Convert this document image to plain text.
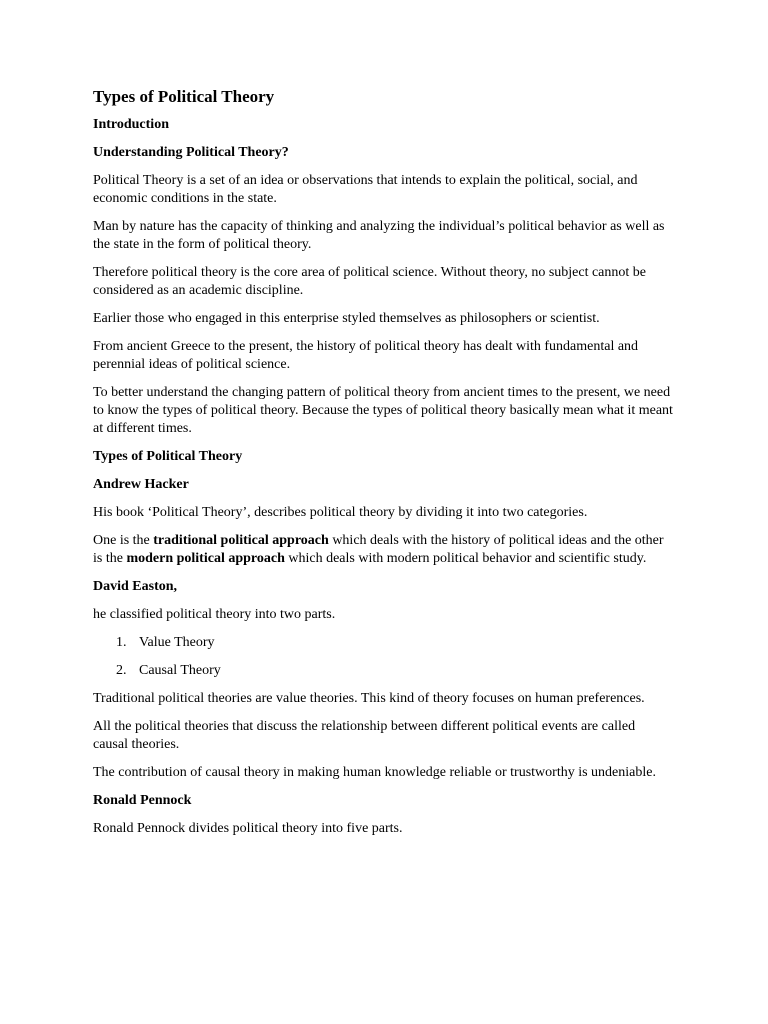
Types of Political Theory
Introduction
Understanding Political Theory?
Political Theory is a set of an idea or observations that intends to explain the political, social, and economic conditions in the state.
Man by nature has the capacity of thinking and analyzing the individual’s political behavior as well as the state in the form of political theory.
Therefore political theory is the core area of political science. Without theory, no subject cannot be considered as an academic discipline.
Earlier those who engaged in this enterprise styled themselves as philosophers or scientist.
From ancient Greece to the present, the history of political theory has dealt with fundamental and perennial ideas of political science.
To better understand the changing pattern of political theory from ancient times to the present, we need to know the types of political theory. Because the types of political theory basically mean what it meant at different times.
Types of Political Theory
Andrew Hacker
His book ‘Political Theory’, describes political theory by dividing it into two categories.
One is the traditional political approach which deals with the history of political ideas and the other is the modern political approach which deals with modern political behavior and scientific study.
David Easton,
he classified political theory into two parts.
1. Value Theory
2. Causal Theory
Traditional political theories are value theories. This kind of theory focuses on human preferences.
All the political theories that discuss the relationship between different political events are called causal theories.
The contribution of causal theory in making human knowledge reliable or trustworthy is undeniable.
Ronald Pennock
Ronald Pennock divides political theory into five parts.
